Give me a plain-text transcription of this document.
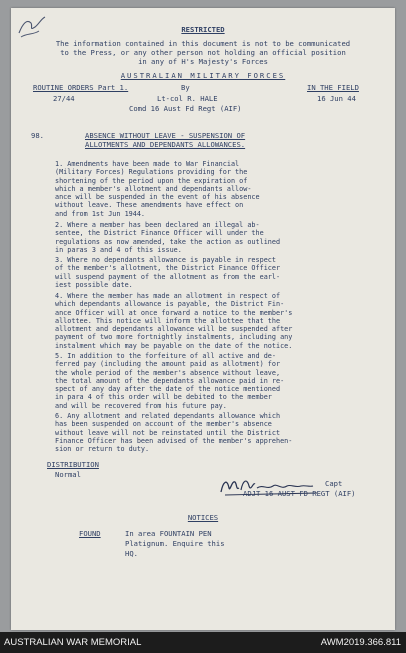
RESTRICTED
The information contained in this document is not to be communicated
to the Press, or any other person not holding an official position
in any of H's Majesty's Forces
AUSTRALIAN MILITARY FORCES
ROUTINE ORDERS Part 1.	By	IN THE FIELD
27/44	Lt-col R. HALE	16 Jun 44
Comd 16 Aust Fd Regt (AIF)
98.	ABSENCE WITHOUT LEAVE - SUSPENSION OF
ALLOTMENTS AND DEPENDANTS ALLOWANCES.

1. Amendments have been made to War Financial

(Military Forces) Regulations providing for the

shortening of the period upon the expiration of

which a member's allotment and dependants allow-

ance will be suspended in the event of his absence

without leave. These amendments have effect on

and from 1st Jun 1944.

2. Where a member has been declared an illegal ab-

sentee, the District Finance Officer will under the

regulations as now amended, take the action as outlined

in paras 3 and 4 of this issue.

3. Where no dependants allowance is payable in respect

of the member's allotment, the District Finance Officer

will suspend payment of the allotment as from the earl-

iest possible date.

4. Where the member has made an allotment in respect of

which dependants allowance is payable, the District Fin-

ance Officer will at once forward a notice to the member's

allottee. This notice will inform the allottee that the

allotment and dependants allowance will be suspended after

payment of two more fortnightly instalments, including any

instalment which may be payable on the date of the notice.

5. In addition to the forfeiture of all active and de-

ferred pay (including the amount paid as allotment) for

the whole period of the member's absence without leave,

the total amount of the dependants allowance paid in re-

spect of any day after the date of the notice mentioned

in para 4 of this order will be debited to the member

and will be recovered from his future pay.

6. Any allotment and related dependants allowance which

has been suspended on account of the member's absence

without leave will not be reinstated until the District

Finance Officer has been advised of the member's apprehen-

sion or return to duty.

DISTRIBUTION
Normal
Capt
ADJT 16 AUST FD REGT (AIF)
NOTICES
FOUND	In area FOUNTAIN PEN
Platignum. Enquire this
HQ.
AUSTRALIAN WAR MEMORIAL	AWM2019.366.811
